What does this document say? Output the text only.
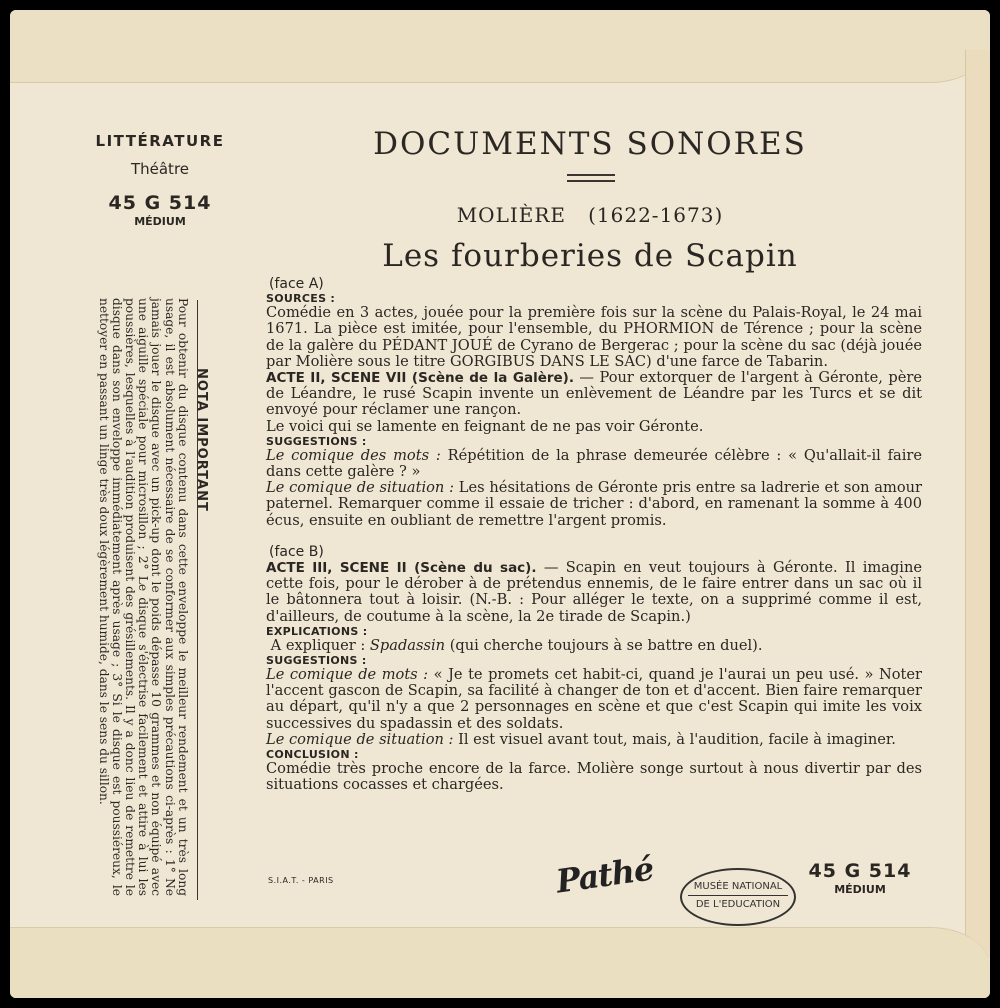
LITTÉRATURE
Théâtre
45 G 514
MÉDIUM
DOCUMENTS SONORES
MOLIÈRE (1622-1673)
Les fourberies de Scapin
(face A)
SOURCES :

Comédie en 3 actes, jouée pour la première fois sur la scène du Palais-Royal, le 24 mai 1671. La pièce est imitée, pour l'ensemble, du PHORMION de Térence ; pour la scène de la galère du PÉDANT JOUÉ de Cyrano de Bergerac ; pour la scène du sac (déjà jouée par Molière sous le titre GORGIBUS DANS LE SAC) d'une farce de Tabarin.

ACTE II, SCENE VII (Scène de la Galère). — Pour extorquer de l'argent à Géronte, père de Léandre, le rusé Scapin invente un enlèvement de Léandre par les Turcs et se dit envoyé pour réclamer une rançon.

Le voici qui se lamente en feignant de ne pas voir Géronte.

SUGGESTIONS :

Le comique des mots : Répétition de la phrase demeurée célèbre : « Qu'allait-il faire dans cette galère ? »

Le comique de situation : Les hésitations de Géronte pris entre sa ladrerie et son amour paternel. Remarquer comme il essaie de tricher : d'abord, en ramenant la somme à 400 écus, ensuite en oubliant de remettre l'argent promis.

(face B)

ACTE III, SCENE II (Scène du sac). — Scapin en veut toujours à Géronte. Il imagine cette fois, pour le dérober à de prétendus ennemis, de le faire entrer dans un sac où il le bâtonnera tout à loisir. (N.-B. : Pour alléger le texte, on a supprimé comme il est, d'ailleurs, de coutume à la scène, la 2e tirade de Scapin.)

EXPLICATIONS :

A expliquer : Spadassin (qui cherche toujours à se battre en duel).

SUGGESTIONS :

Le comique de mots : « Je te promets cet habit-ci, quand je l'aurai un peu usé. » Noter l'accent gascon de Scapin, sa facilité à changer de ton et d'accent. Bien faire remarquer au départ, qu'il n'y a que 2 personnages en scène et que c'est Scapin qui imite les voix successives du spadassin et des soldats.

Le comique de situation : Il est visuel avant tout, mais, à l'audition, facile à imaginer.

CONCLUSION :

Comédie très proche encore de la farce. Molière songe surtout à nous divertir par des situations cocasses et chargées.

NOTA IMPORTANT

Pour obtenir du disque contenu dans cette enveloppe le meilleur rendement et un très long usage, il est absolument nécessaire de se conformer aux simples précautions ci-après : 1° Ne jamais jouer le disque avec un pick-up dont le poids dépasse 10 grammes et non équipé avec une aiguille spéciale pour microsillon ; 2° Le disque s'électrise facilement et attire à lui les poussières, lesquelles à l'audition produisent des grésillements. Il y a donc lieu de remettre le disque dans son enveloppe immédiatement après usage ; 3° Si le disque est poussiéreux, le nettoyer en passant un linge très doux légèrement humide, dans le sens du sillon.

S.I.A.T. - PARIS	Pathé	MUSÉE NATIONAL
DE L'EDUCATION
45 G 514
MÉDIUM
